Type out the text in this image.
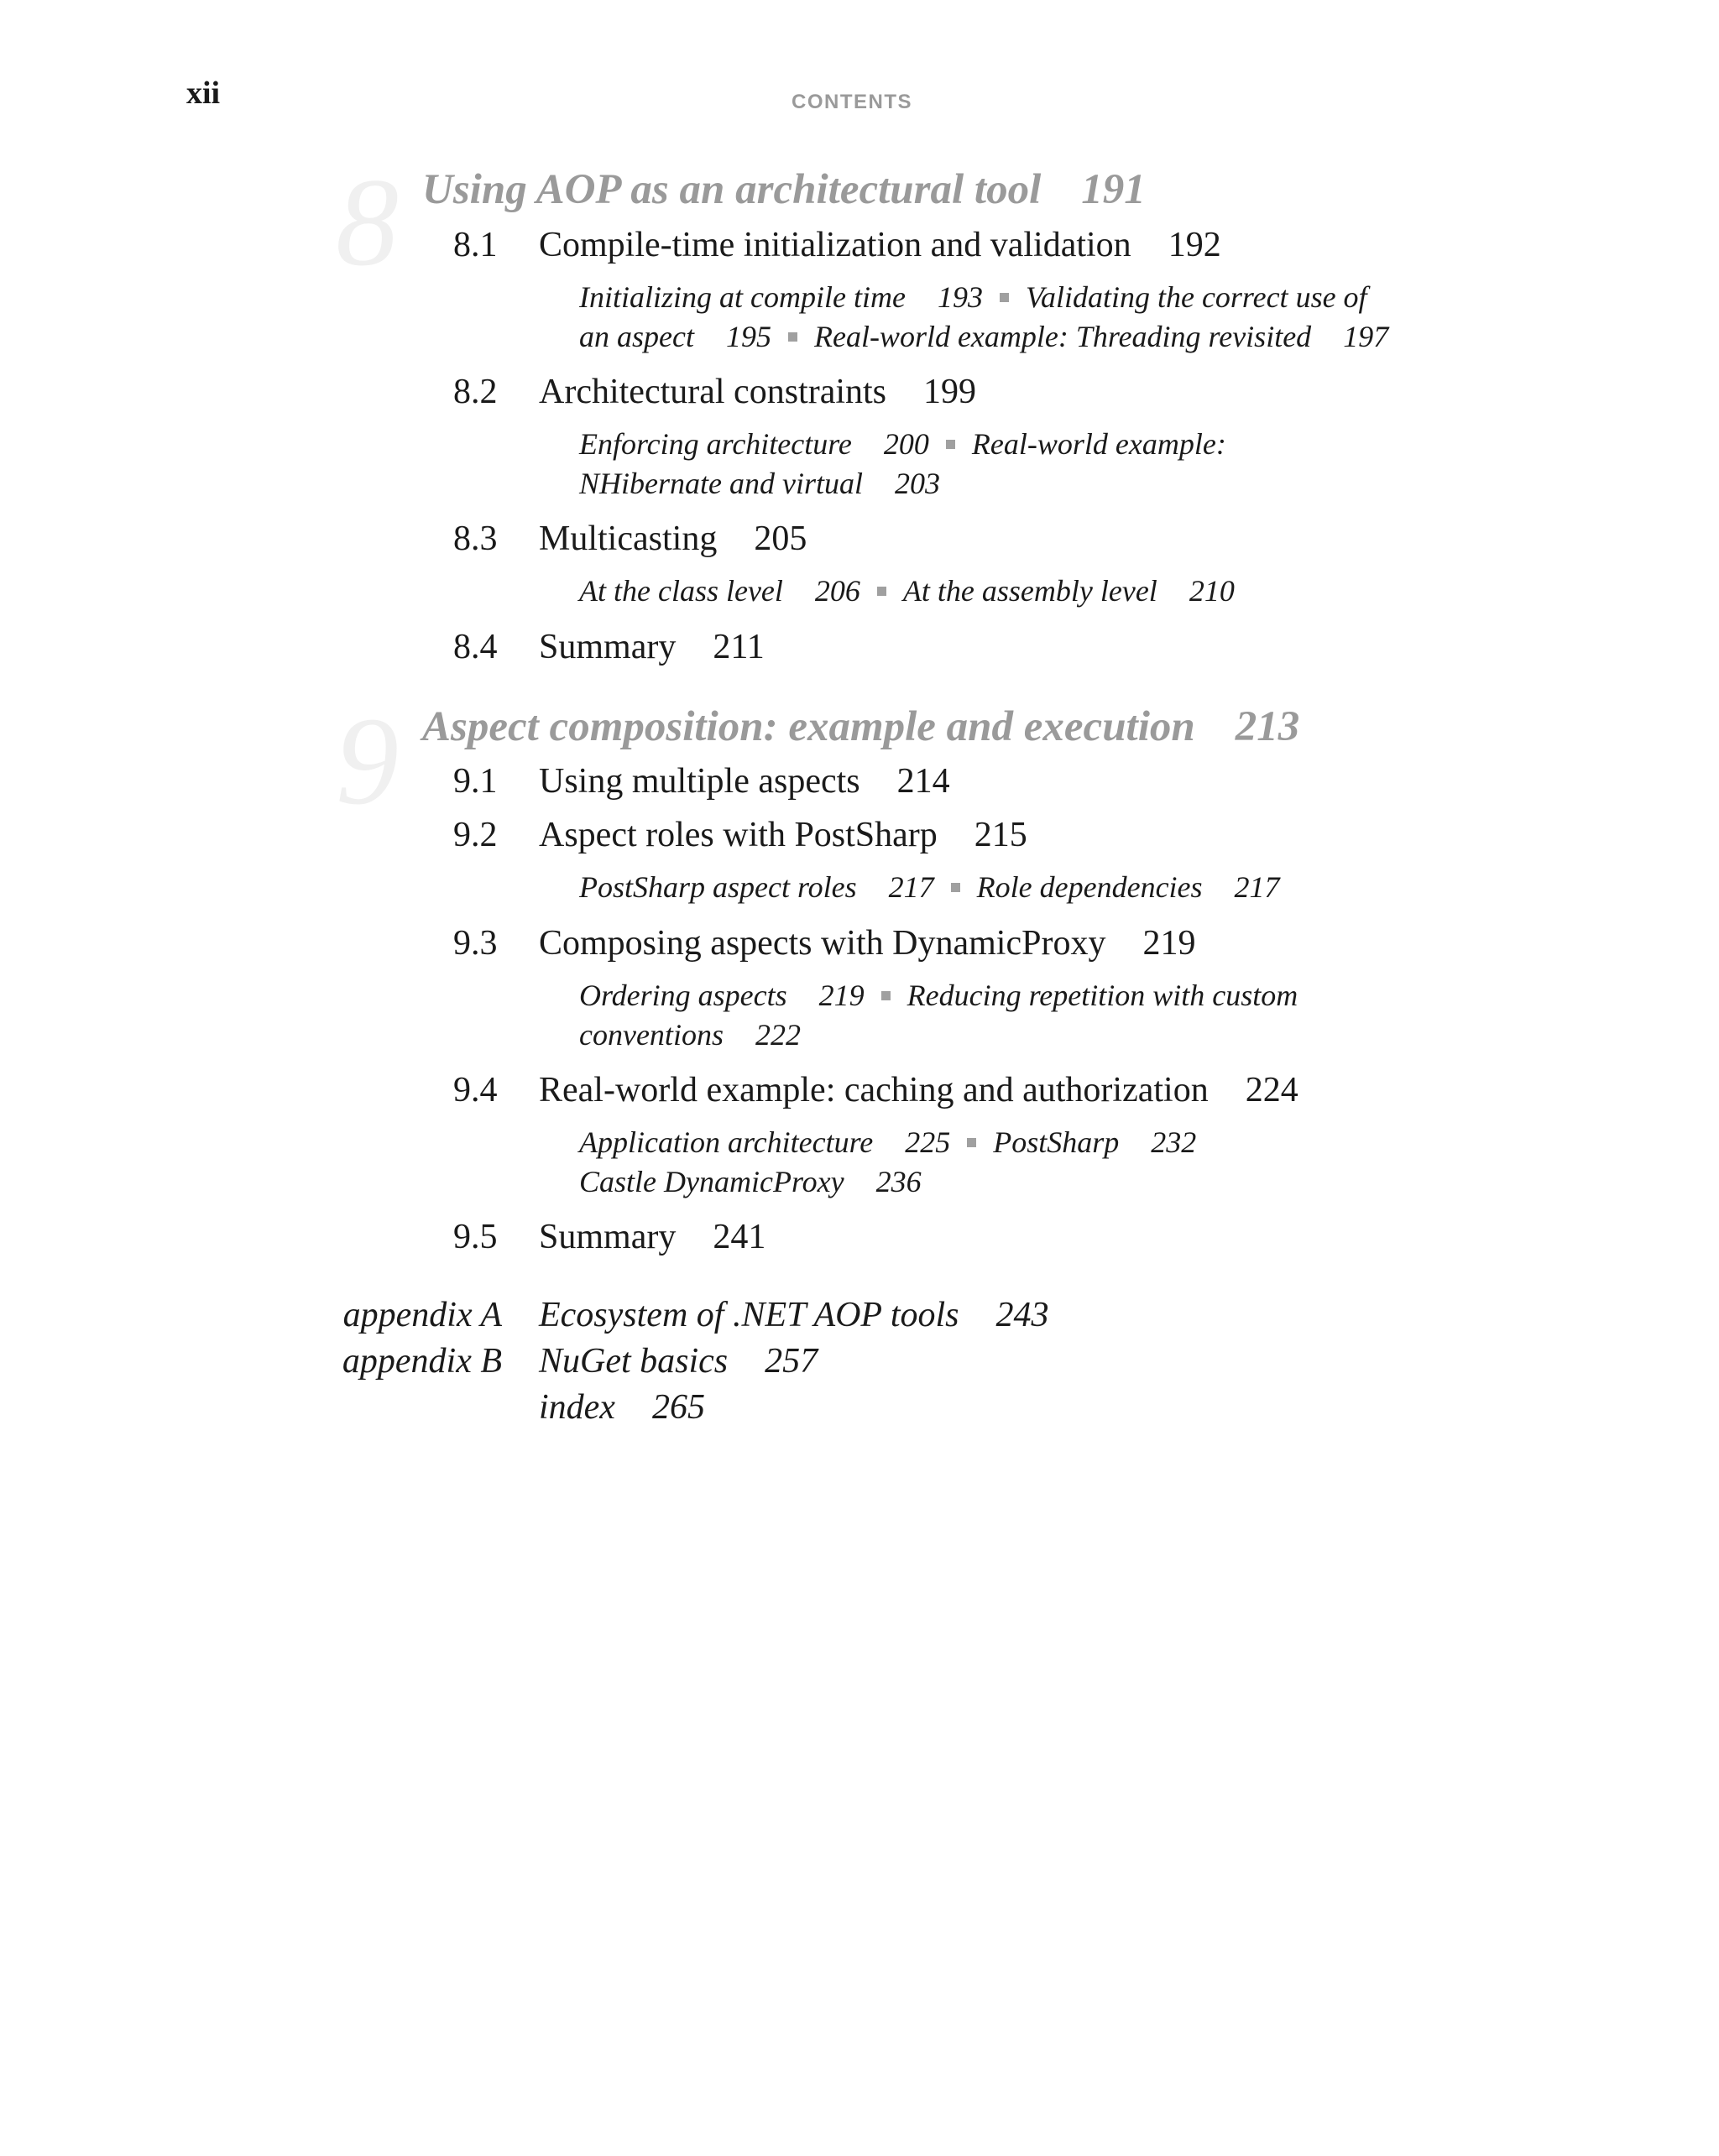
xii	CONTENTS
8 Using AOP as an architectural tool 191
8.1 Compile-time initialization and validation 192
Initializing at compile time 193 Validating the correct use of
an aspect 195 Real-world example: Threading revisited 197
8.2 Architectural constraints 199
Enforcing architecture 200 Real-world example:
NHibernate and virtual 203
8.3 Multicasting 205
At the class level 206 At the assembly level 210
8.4 Summary 211
9 Aspect composition: example and execution 213
9.1 Using multiple aspects 214
9.2 Aspect roles with PostSharp 215
PostSharp aspect roles 217 Role dependencies 217
9.3 Composing aspects with DynamicProxy 219
Ordering aspects 219 Reducing repetition with custom
conventions 222
9.4 Real-world example: caching and authorization 224
Application architecture 225 PostSharp 232
Castle DynamicProxy 236
9.5 Summary 241
appendix A Ecosystem of .NET AOP tools 243
appendix B NuGet basics 257
index 265
